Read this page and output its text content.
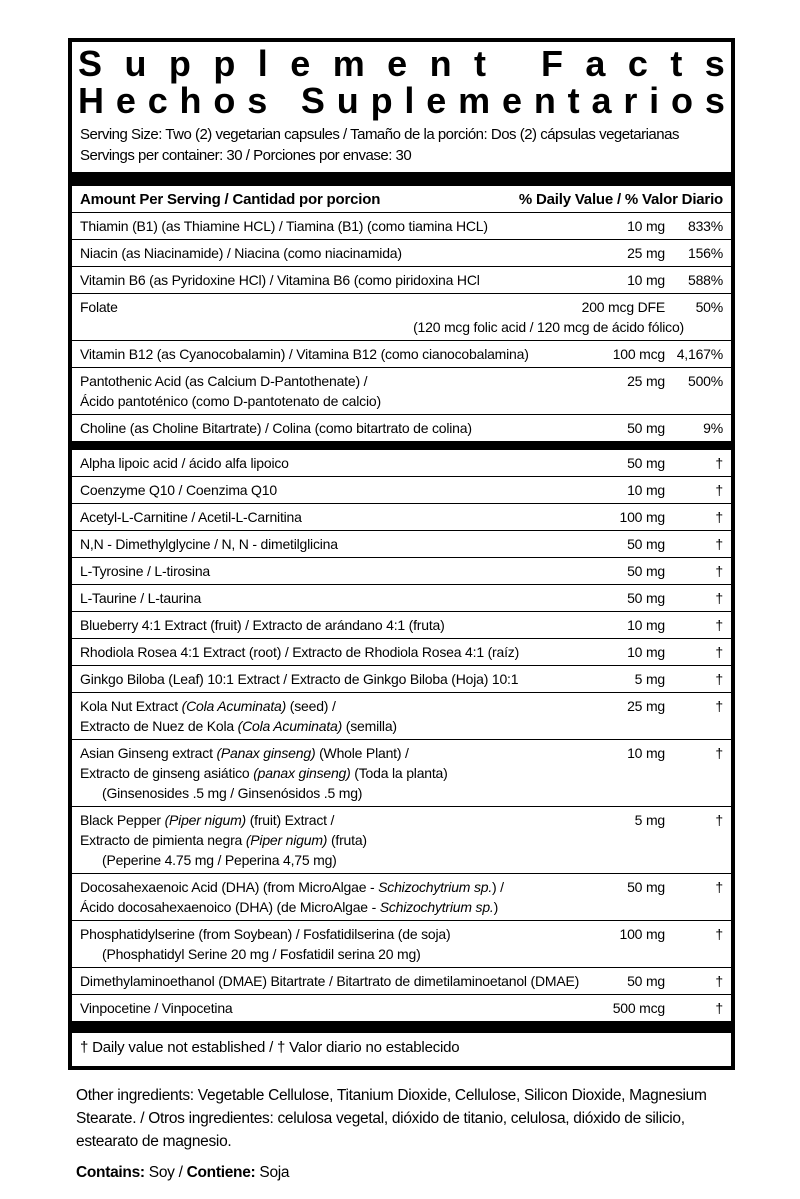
S u p p l e m e n t
F a c t s
H e c h o s
S u p l e m e n t a r i o s
Serving Size: Two (2) vegetarian capsules / Tamaño de la porción: Dos (2) cápsulas vegetarianas
Servings per container: 30 / Porciones por envase: 30
Amount Per Serving / Cantidad por porcion	% Daily Value / % Valor Diario
Thiamin (B1) (as Thiamine HCL) / Tiamina (B1) (como tiamina HCL)	10 mg	833%
Niacin (as Niacinamide) / Niacina (como niacinamida)	25 mg	156%
Vitamin B6 (as Pyridoxine HCl) / Vitamina B6 (como piridoxina HCl	10 mg	588%
Folate	200 mcg DFE	50%
(120 mcg folic acid / 120 mcg de ácido fólico)
Vitamin B12 (as Cyanocobalamin) / Vitamina B12 (como cianocobalamina)	100 mcg 4,167%
Pantothenic Acid (as Calcium D-Pantothenate) /	25 mg	500%
Ácido pantoténico (como D-pantotenato de calcio)
Choline (as Choline Bitartrate) / Colina (como bitartrato de colina)	50 mg	9%
Alpha lipoic acid / ácido alfa lipoico	50 mg	†
Coenzyme Q10 / Coenzima Q10	10 mg	†
Acetyl-L-Carnitine / Acetil-L-Carnitina	100 mg	†
N,N - Dimethylglycine / N, N - dimetilglicina	50 mg	†
L-Tyrosine / L-tirosina	50 mg	†
L-Taurine / L-taurina	50 mg	†
Blueberry 4:1 Extract (fruit) / Extracto de arándano 4:1 (fruta)	10 mg	†
Rhodiola Rosea 4:1 Extract (root) / Extracto de Rhodiola Rosea 4:1 (raíz)	10 mg	†
Ginkgo Biloba (Leaf) 10:1 Extract / Extracto de Ginkgo Biloba (Hoja) 10:1	5 mg	†
Kola Nut Extract (Cola Acuminata) (seed) /	25 mg	†
Extracto de Nuez de Kola (Cola Acuminata) (semilla)
Asian Ginseng extract (Panax ginseng) (Whole Plant) /	10 mg	†
Extracto de ginseng asiático (panax ginseng) (Toda la planta)
(Ginsenosides .5 mg / Ginsenósidos .5 mg)
Black Pepper (Piper nigum) (fruit) Extract /	5 mg	†
Extracto de pimienta negra (Piper nigum) (fruta)
(Peperine 4.75 mg / Peperina 4,75 mg)
Docosahexaenoic Acid (DHA) (from MicroAlgae - Schizochytrium sp.) /	50 mg	†
Ácido docosahexaenoico (DHA) (de MicroAlgae - Schizochytrium sp.)
Phosphatidylserine (from Soybean) / Fosfatidilserina (de soja)	100 mg	†
(Phosphatidyl Serine 20 mg / Fosfatidil serina 20 mg)
Dimethylaminoethanol (DMAE) Bitartrate / Bitartrato de dimetilaminoetanol (DMAE)	50 mg	†
Vinpocetine / Vinpocetina	500 mcg	†
† Daily value not established / † Valor diario no establecido
Other ingredients: Vegetable Cellulose, Titanium Dioxide, Cellulose, Silicon Dioxide, Magnesium Stearate. / Otros ingredientes: celulosa vegetal, dióxido de titanio, celulosa, dióxido de silicio, estearato de magnesio.
Contains: Soy / Contiene: Soja
